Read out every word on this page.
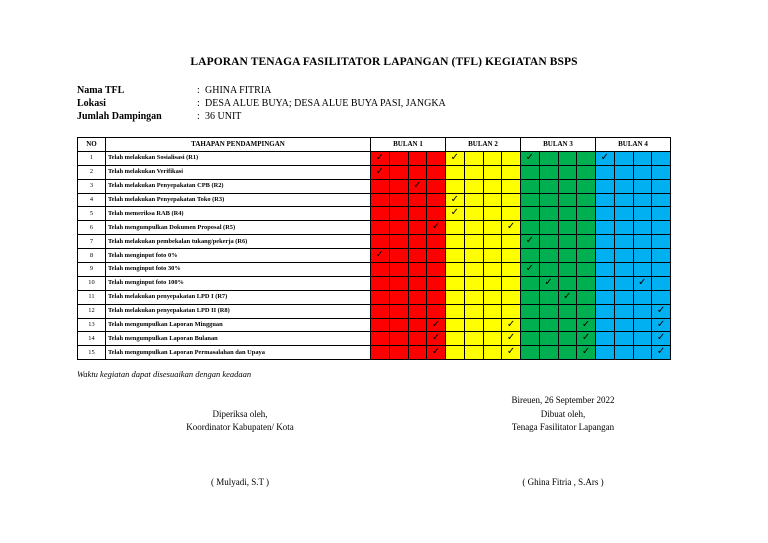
LAPORAN TENAGA FASILITATOR LAPANGAN (TFL) KEGIATAN BSPS
Nama TFL	: GHINA FITRIA
Lokasi	: DESA ALUE BUYA; DESA ALUE BUYA PASI, JANGKA
Jumlah Dampingan	: 36 UNIT
NO	TAHAPAN PENDAMPINGAN	BULAN 1				BULAN 2				BULAN 3				BULAN 4			
1	Telah melakukan Sosialisasi (R1)	✓				✓				✓				✓			
2	Telah melakukan Verifikasi	✓															
3	Telah melakukan Penyepakatan CPB (R2)			✓													
4	Telah melakukan Penyepakatan Toko (R3)					✓											
5	Telah memeriksa RAB (R4)					✓											
6	Telah mengumpulkan Dokumen Proposal (R5)				✓				✓								
7	Telah melakukan pembekalan tukang/pekerja (R6)									✓							
8	Telah menginput foto 0%	✓															
9	Telah menginput foto 30%									✓							
10	Telah menginput foto 100%										✓					✓	
11	Telah melakukan penyepakatan LPD I (R7)											✓					
12	Telah melakukan penyepakatan LPD II (R8)																✓
13	Telah mengumpulkan Laporan Mingguan				✓				✓				✓				✓
14	Telah mengumpulkan Laporan Bulanan				✓				✓				✓				✓
15	Telah mengumpulkan Laporan Permasalahan dan Upaya				✓				✓				✓				✓
Waktu kegiatan dapat disesuaikan dengan keadaan
Bireuen, 26 September 2022
Diperiksa oleh,
Koordinator Kabupaten/ Kota
Dibuat oleh,
Tenaga Fasilitator Lapangan
( Mulyadi, S.T )	( Ghina Fitria , S.Ars )
